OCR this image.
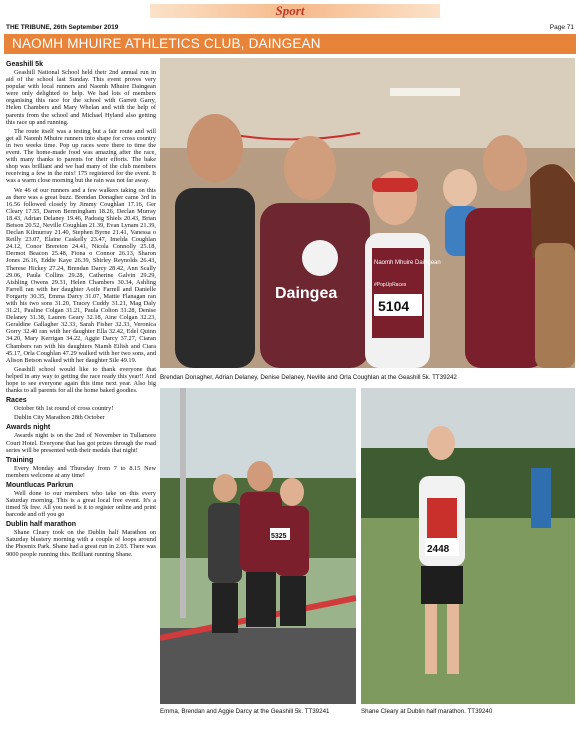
Sport
THE TRIBUNE, 26th September 2019	Page 71
NAOMH MHUIRE ATHLETICS CLUB, DAINGEAN
Geashill 5k

Geashill National School held their 2nd annual run in aid of the school last Sunday. This event proves very popular with local runners and Naomh Mhuire Daingean were only delighted to help. We had lots of members organising this race for the school with Garrett Garry, Helen Chambers and Mary Whelan and with the help of parents from the school and Michael Hyland also getting this race up and running.

The route itself was a testing but a fair route and will get all Naomh Mhuire runners into shape for cross country in two weeks time. Pop up races were there to time the event. The home-made food was amazing after the race, with many thanks to parents for their efforts. The bake shop was brilliant and we had many of the club members receiving a few in the mix! 175 registered for the event. It was a warm close morning but the rain was not far away.

We 46 of our runners and a few walkers taking on this as there was a great buzz. Brendan Donagher came 3rd in 16.56 followed closely by Jimmy Coughlan 17.16, Ger Cleary 17.55, Darren Bermingham 18.26, Declan Murray 18.43, Adrian Delaney 19.46, Padraig Shiels 20.43, Brian Betson 20.52, Neville Coughlan 21.39, Evan Lynam 21.39, Declan Kilmurray 21.40, Stephen Byrne 21.41, Vanessa o Reilly 23.07, Elaine Caskelly 23.47, Imelda Coughlan 24.12, Conor Brereton 24.41, Nicola Connolly 25.18, Dermot Beacon 25.48, Fiona o Connor 26.13, Sharon Jones 26.16, Eddie Kaye 26.39, Shirley Reynolds 26.43, Therese Hickey 27.24, Brendan Darcy 28.42, Ann Scally 29.06, Paula Collins 29.28, Catherine Galvin 29.29, Aishling Owens 29.31, Helen Chambers 30.34, Ashling Farrell ran with her daughter Aoife Farrell and Danielle Forgarty 30.35, Emma Darcy 31.07, Mattie Flanagan ran with his two sons 31.20, Tracey Cuddy 31.21, Mag Daly 31.21, Pauline Colgan 31.21, Paula Colton 31.28, Denise Delaney 31.38, Lauren Geary 32.18, Aine Colgan 32.23, Geraldine Gallagher 32.33, Sarah Fisher 32.33, Veronica Gorry 32.40 ran with her daughter Ella 32.42, Edel Quinn 34.20, Mary Kerrigan 34.22, Aggie Darcy 37.27, Ciaran Chambers ran with his daughters Niamh Eilish and Ciara 45.17, Orla Coughlan 47.29 walked with her two sons, and Alison Betson walked with her daughter Sile 49.19.

Geashill school would like to thank everyone that helped in any way to getting the race ready this year!! And hope to see everyone again this time next year. Also big thanks to all parents for all the home baked goodies.

Races

October 6th 1st round of cross country!

Dublin City Marathon 28th October

Awards night

Awards night is on the 2nd of November in Tullamore Court Hotel. Everyone that has got prizes through the road series will be presented with their medals that night!

Training

Every Monday and Thursday from 7 to 8.15 New members welcome at any time!

Mountlucas Parkrun

Well done to our members who take on this every Saturday morning. This is a great local free event. It's a timed 5k free. All you need is it to register online and print barcode and off you go

Dublin half marathon

Shane Cleary took on the Dublin half Marathon on Saturday blustery morning with a couple of loops around the Phoenix Park. Shane had a great run in 2.03. There was 9000 people running this. Brilliant running Shane.

Daingea
Naomh Mhuire Daingean
#PopUpRaces
5104
Brendan Donagher, Adrian Delaney, Denise Delaney, Neville and Orla Coughlan at the Geashill 5k. TT39242
5325
Emma, Brendan and Aggie Darcy at the Geashill 5k. TT39241
2448
Shane Cleary at Dublin half marathon. TT39240
